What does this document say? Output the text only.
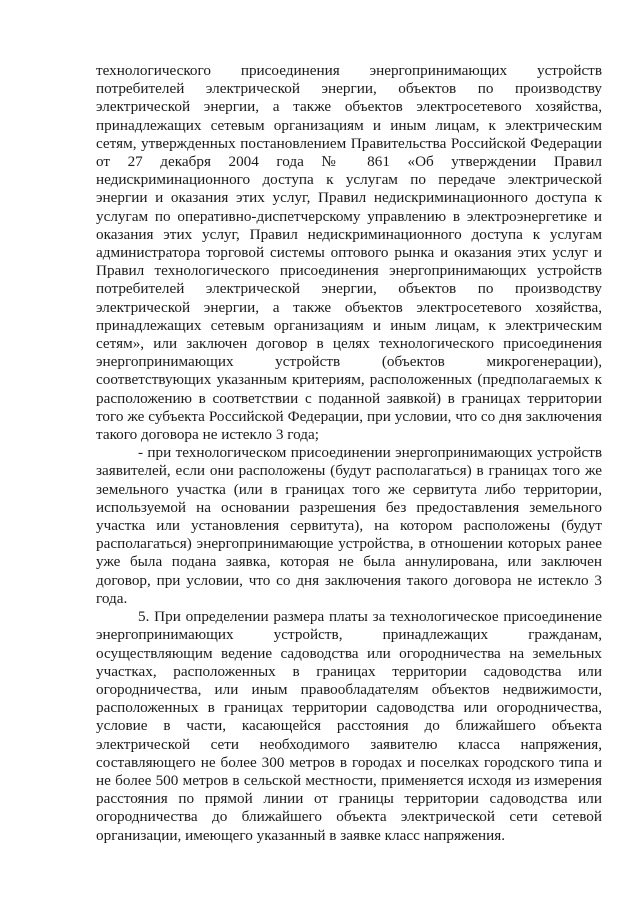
технологического присоединения энергопринимающих устройств потребителей электрической энергии, объектов по производству электрической энергии, а также объектов электросетевого хозяйства, принадлежащих сетевым организациям и иным лицам, к электрическим сетям, утвержденных постановлением Правительства Российской Федерации от 27 декабря 2004 года № 861 «Об утверждении Правил недискриминационного доступа к услугам по передаче электрической энергии и оказания этих услуг, Правил недискриминационного доступа к услугам по оперативно-диспетчерскому управлению в электроэнергетике и оказания этих услуг, Правил недискриминационного доступа к услугам администратора торговой системы оптового рынка и оказания этих услуг и Правил технологического присоединения энергопринимающих устройств потребителей электрической энергии, объектов по производству электрической энергии, а также объектов электросетевого хозяйства, принадлежащих сетевым организациям и иным лицам, к электрическим сетям», или заключен договор в целях технологического присоединения энергопринимающих устройств (объектов микрогенерации), соответствующих указанным критериям, расположенных (предполагаемых к расположению в соответствии с поданной заявкой) в границах территории того же субъекта Российской Федерации, при условии, что со дня заключения такого договора не истекло 3 года;

- при технологическом присоединении энергопринимающих устройств заявителей, если они расположены (будут располагаться) в границах того же земельного участка (или в границах того же сервитута либо территории, используемой на основании разрешения без предоставления земельного участка или установления сервитута), на котором расположены (будут располагаться) энергопринимающие устройства, в отношении которых ранее уже была подана заявка, которая не была аннулирована, или заключен договор, при условии, что со дня заключения такого договора не истекло 3 года.

5. При определении размера платы за технологическое присоединение энергопринимающих устройств, принадлежащих гражданам, осуществляющим ведение садоводства или огородничества на земельных участках, расположенных в границах территории садоводства или огородничества, или иным правообладателям объектов недвижимости, расположенных в границах территории садоводства или огородничества, условие в части, касающейся расстояния до ближайшего объекта электрической сети необходимого заявителю класса напряжения, составляющего не более 300 метров в городах и поселках городского типа и не более 500 метров в сельской местности, применяется исходя из измерения расстояния по прямой линии от границы территории садоводства или огородничества до ближайшего объекта электрической сети сетевой организации, имеющего указанный в заявке класс напряжения.
